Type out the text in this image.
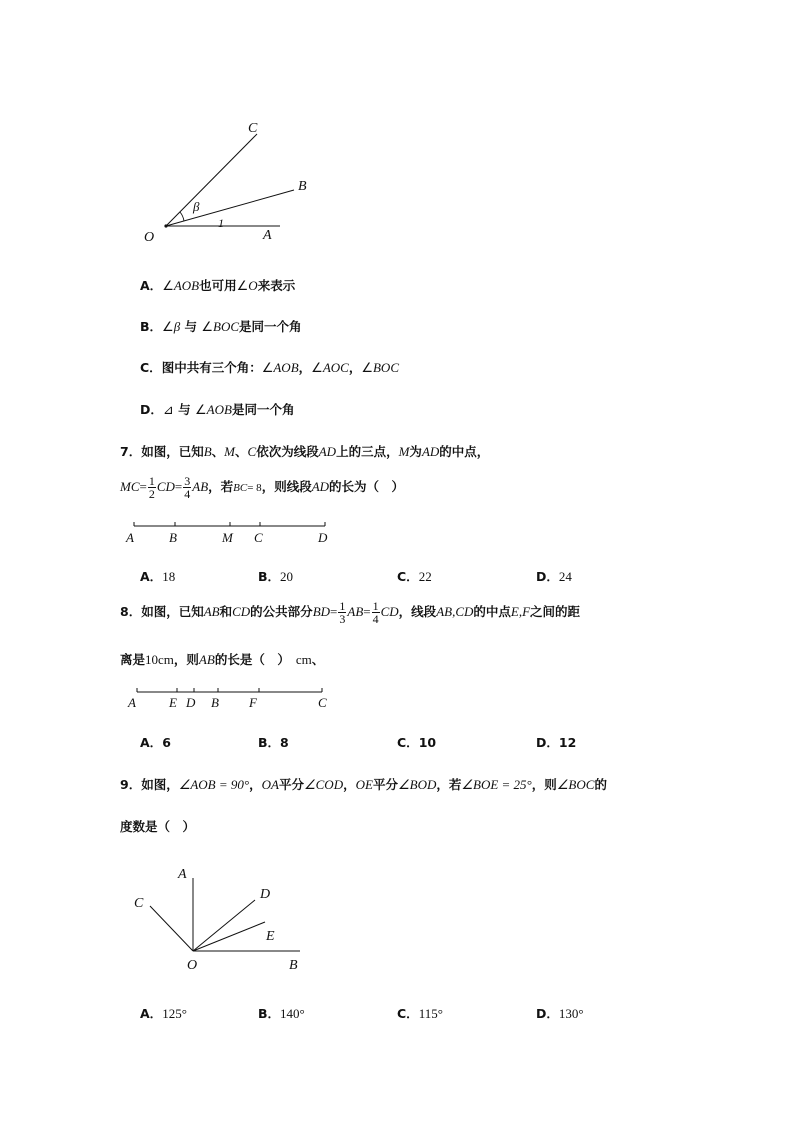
C
B
O	A
β
1
A．∠AOB也可用∠O来表示
B．∠β 与 ∠BOC是同一个角
C．图中共有三个角：∠AOB，∠AOC，∠BOC
D．⊿ 与 ∠AOB是同一个角
7．如图，已知B、M、C依次为线段AD上的三点，M为AD的中点，
$MC= \frac{1}{2} CD= \frac{3}{4}$ AB，若BC= 8，则线段AD的长为（　）
A	B	M C	D
A．18	B．20	C．22	D．24
8．如图，已知AB和CD的公共部分$BD= \frac{1}{3} AB= \frac{1}{4}$ CD，线段AB,CD的中点E,F之间的距
离是10cm，则AB的长是（　） cm、
A	E D B F	C
A．6	B．8	C．10	D．12
9．如图，∠AOB = 90°，OA平分∠COD，OE平分∠BOD，若∠BOE = 25°，则∠BOC的
度数是（　）
A
D
C
E
O	B
A．125°	B．140°	C．115°	D．130°
